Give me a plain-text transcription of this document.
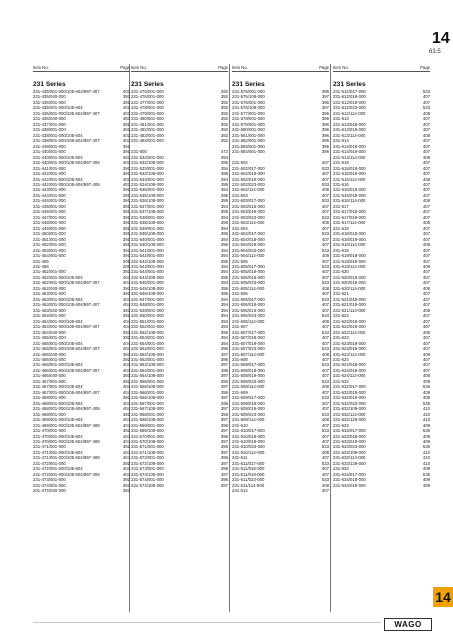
14
63.5
Item No.	Page
231 Series
231-435/001-000/105-604/997-407	403
231-435/040-000	393
231-436/001-000	391
231-436/001-000/105-604	402
231-436/001-000/105-604/997-407	403
231-436/040-000	393
231-437/001-000	391
231-438/001-000	391
231-438/001-000/105-604	402
231-438/001-000/105-604/997-407	403
231-439/001-000	391
231-440/001-000	391
231-440/001-000/105-604	402
231-440/001-000/105-604/997-409	403
231-441/001-000	391
231-442/001-000	391
231-442/001-000/105-604	402
231-442/001-000/105-604/997-409	403
231-443/001-000	391
231-444/001-000	391
231-444/001-000	391
231-445/001-000	391
231-446/001-000	391
231-447/001-000	391
231-448/001-000	391
231-449/001-000	391
231-450/001-000	391
231-451/001-000	391
231-452/001-000	391
231-453/001-000	391
231-454/001-000	391
231-455	205
231-456	205
231-462/001-000	392
231-462/001-000/105-604	404
231-462/001-000/105-604/997-407	404
231-462/040-000	393
231-463/001-000	392
231-463/001-000/105-604	404
231-463/001-000/105-604/997-407	404
231-463/040-000	393
231-464/001-000	392
231-464/001-000/105-604	404
231-464/001-000/105-604/997-407	404
231-464/040-000	393
231-465/001-000	392
231-465/001-000/105-604	404
231-465/001-000/105-604/997-407	404
231-465/040-000	393
231-466/001-000	392
231-466/001-000/105-604	404
231-466/001-000/105-604/997-407	404
231-466/040-000	393
231-467/001-000	392
231-467/001-000/105-604	404
231-467/001-000/105-604/997-407	404
231-468/001-000	392
231-468/001-000/105-604	404
231-468/001-000/105-604/997-409	404
231-469/001-000	392
231-469/001-000/105-604	404
231-469/001-000/105-604/997-409	404
231-470/001-000	392
231-470/001-000/105-604	404
231-470/001-000/105-604/997-409	404
231-471/001-000	392
231-471/001-000/105-604	404
231-471/001-000/105-604/997-409	404
231-472/001-000	392
231-472/001-000/105-604	404
231-472/001-000/105-604/997-409	404
231-473/001-000	392
231-474/001-000	392
231-474/040-000	393
Item No.	Page
231 Series
231-475/001-000	392
231-476/001-000	392
231-477/001-000	392
231-478/001-000	392
231-479/001-000	392
231-480/001-000	392
231-481/001-000	392
231-482/001-000	392
231-483/001-000	392
231-484/001-000	392
231-500	472
231-532/001-000	394
231-532/108-000	395
231-533/001-000	394
231-533/108-000	395
231-534/001-000	394
231-534/108-000	395
231-535/001-000	394
231-535/108-000	395
231-536/108-000	395
231-537/001-000	394
231-537/108-000	395
231-538/001-000	394
231-538/108-000	395
231-539/001-000	394
231-539/108-000	395
231-540/001-000	394
231-540/108-000	395
231-541/001-000	394
231-542/001-000	394
231-542/108-000	395
231-543/001-000	394
231-544/001-000	394
231-544/108-000	395
231-545/001-000	394
231-545/108-000	395
231-546/108-000	395
231-547/001-000	394
231-548/001-000	394
231-549/001-000	394
231-550/001-000	394
231-551/001-000	394
231-552/001-000	394
231-552/108-000	395
231-553/001-000	394
231-554/001-000	394
231-562/001-000	396
231-562/108-000	397
231-563/001-000	396
231-563/108-000	397
231-564/001-000	396
231-564/108-000	397
231-565/001-000	396
231-565/108-000	397
231-566/001-000	396
231-566/108-000	397
231-567/001-000	396
231-567/108-000	397
231-568/001-000	396
231-568/108-000	397
231-569/001-000	396
231-569/108-000	397
231-570/001-000	396
231-570/108-000	397
231-571/001-000	396
231-571/108-000	397
231-572/001-000	396
231-572/108-000	397
231-573/001-000	396
231-573/108-000	397
231-574/001-000	396
231-574/108-000	397
Item No.	Page
231 Series
231-575/001-000	396
231-575/108-000	397
231-576/001-000	396
231-576/108-000	397
231-577/001-000	396
231-578/001-000	396
231-579/001-000	396
231-580/001-000	396
231-581/001-000	396
231-582/001-000	396
231-583/001-000	396
231-584/001-000	396
231-602	407
231-602/017-000	533
231-602/018-000	407
231-602/019-000	407
231-602/023-000	533
231-602/114-000	408
231-603	407
231-603/017-000	533
231-603/018-000	407
231-603/019-000	407
231-603/023-000	533
231-603/114-000	408
231-604	407
231-604/017-000	533
231-604/018-000	407
231-604/019-000	407
231-604/023-000	533
231-604/114-000	408
231-605	407
231-605/017-000	533
231-605/018-000	407
231-605/019-000	407
231-605/023-000	533
231-605/114-000	408
231-606	407
231-606/017-000	533
231-606/018-000	407
231-606/019-000	407
231-606/023-000	533
231-606/114-000	408
231-607	407
231-607/017-000	533
231-607/018-000	407
231-607/019-000	407
231-607/023-000	533
231-607/114-000	408
231-608	407
231-608/017-000	533
231-608/018-000	407
231-608/019-000	407
231-608/023-000	533
231-608/114-000	408
231-609	407
231-609/017-000	533
231-609/018-000	407
231-609/019-000	407
231-609/023-000	533
231-609/114-000	408
231-610	407
231-610/017-000	533
231-610/018-000	407
231-610/019-000	407
231-610/023-000	533
231-610/114-000	408
231-611	407
231-611/017-000	533
231-611/018-000	407
231-611/019-000	407
231-611/023-000	533
231-611/114-000	408
231-612	407
Item No.	Page
231 Series
231-612/017-000	533
231-612/018-000	407
231-612/019-000	407
231-612/023-000	533
231-612/114-000	408
231-613	407
231-613/018-000	407
231-613/019-000	407
231-613/114-000	408
231-614	407
231-614/018-000	407
231-614/019-000	407
231-614/114-000	408
231-615	407
231-615/018-000	407
231-615/019-000	407
231-615/114-000	408
231-616	407
231-616/018-000	407
231-616/019-000	407
231-616/114-000	408
231-617	407
231-617/018-000	407
231-617/019-000	407
231-617/114-000	408
231-618	407
231-618/018-000	407
231-618/019-000	407
231-618/114-000	408
231-619	407
231-619/018-000	407
231-619/019-000	407
231-619/114-000	408
231-620	407
231-620/018-000	407
231-620/019-000	407
231-620/114-000	408
231-621	407
231-621/018-000	407
231-621/019-000	407
231-621/114-000	408
231-622	407
231-622/018-000	407
231-622/019-000	407
231-622/114-000	408
231-623	407
231-623/018-000	407
231-623/019-000	407
231-623/114-000	408
231-624	407
231-624/018-000	407
231-624/019-000	407
231-624/114-000	408
231-632	409
231-632/017-000	535
231-632/018-000	409
231-632/019-000	409
231-632/023-000	535
231-632/109-000	410
231-632/114-000	410
231-632/129-000	410
231-633	409
231-633/017-000	535
231-633/018-000	409
231-633/019-000	409
231-633/023-000	535
231-633/109-000	410
231-633/114-000	410
231-633/129-000	410
231-634	409
231-634/017-000	535
231-634/018-000	409
231-634/019-000	409
14
WAGO
